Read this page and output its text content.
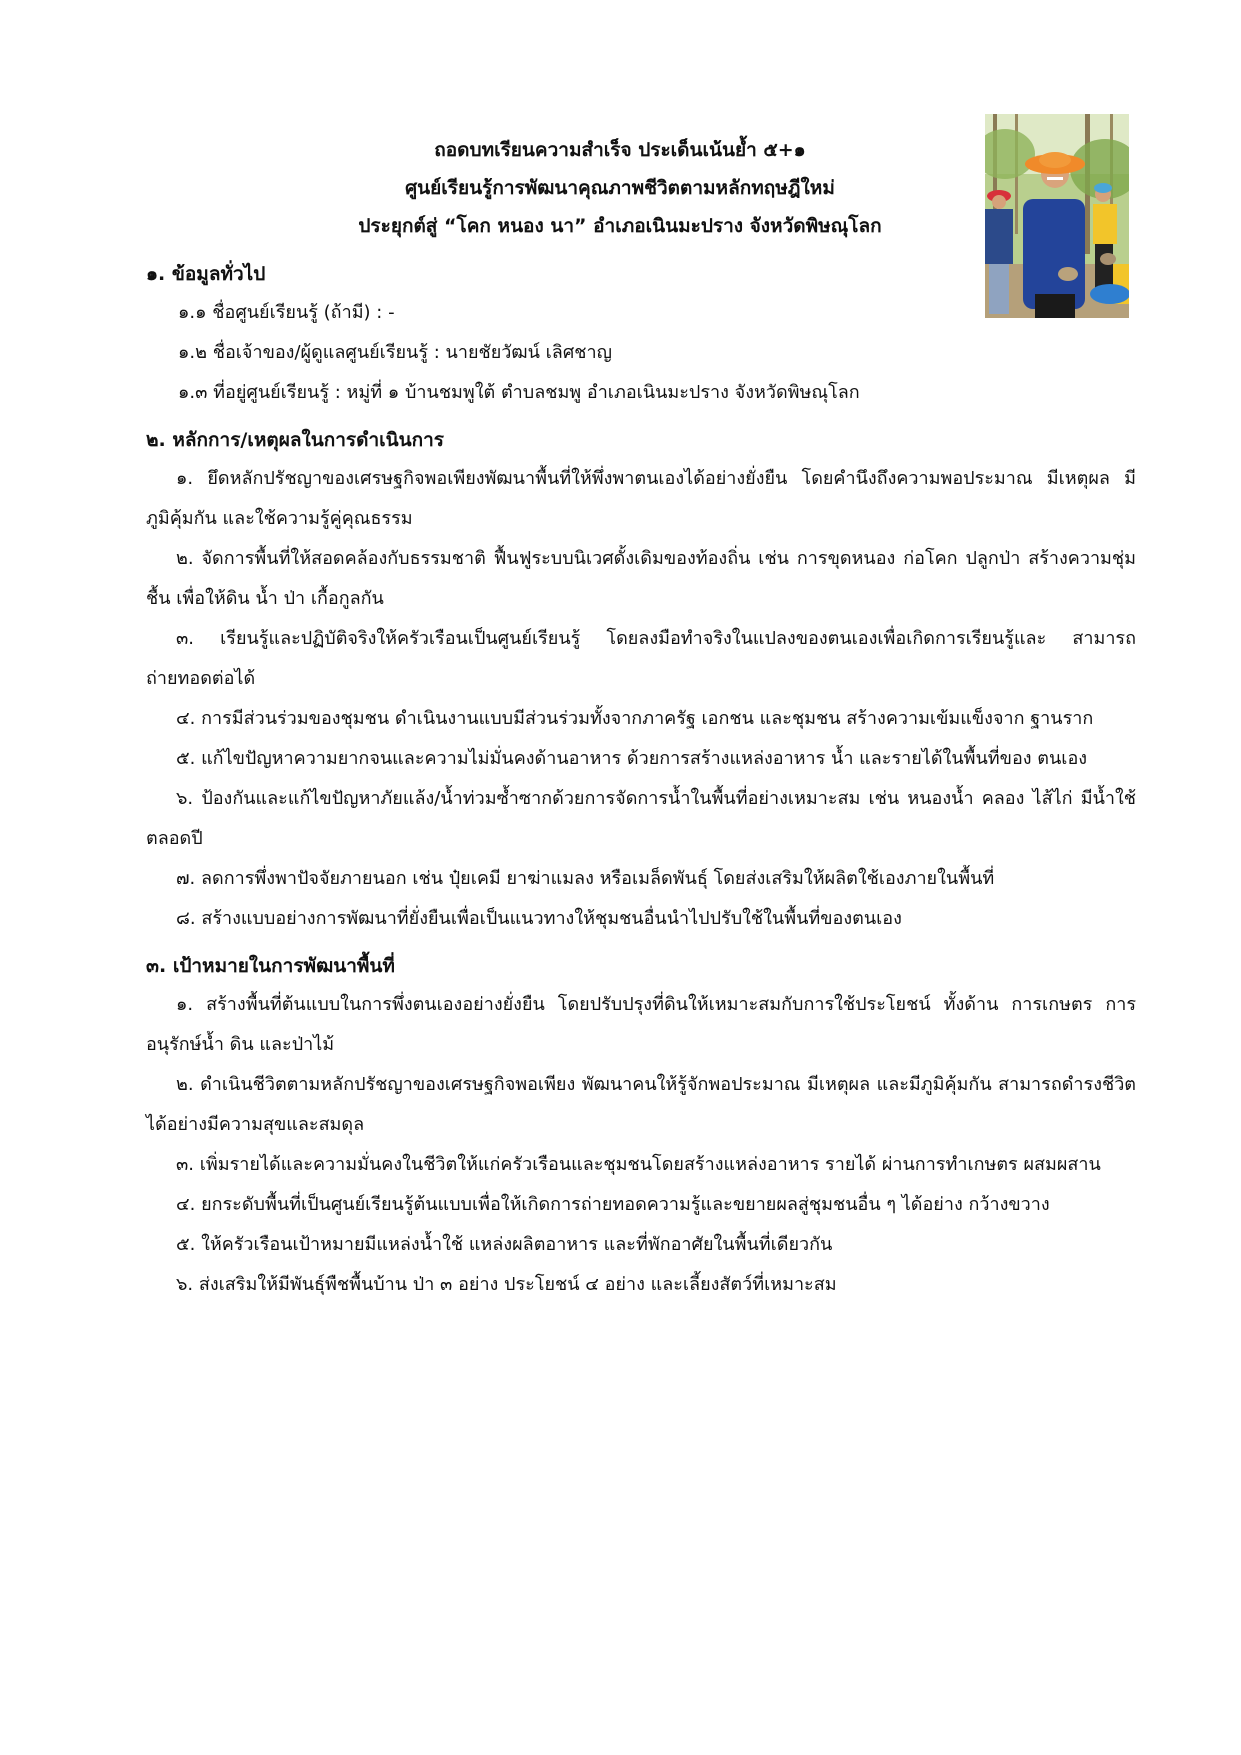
ถอดบทเรียนความสำเร็จ ประเด็นเน้นย้ำ ๕+๑
ศูนย์เรียนรู้การพัฒนาคุณภาพชีวิตตามหลักทฤษฎีใหม่
ประยุกต์สู่ “โคก หนอง นา” อำเภอเนินมะปราง จังหวัดพิษณุโลก
๑. ข้อมูลทั่วไป
๑.๑ ชื่อศูนย์เรียนรู้ (ถ้ามี) : -
๑.๒ ชื่อเจ้าของ/ผู้ดูแลศูนย์เรียนรู้ : นายชัยวัฒน์ เลิศชาญ
๑.๓ ที่อยู่ศูนย์เรียนรู้ : หมู่ที่ ๑ บ้านชมพูใต้ ตำบลชมพู อำเภอเนินมะปราง จังหวัดพิษณุโลก
๒. หลักการ/เหตุผลในการดำเนินการ
๑. ยึดหลักปรัชญาของเศรษฐกิจพอเพียงพัฒนาพื้นที่ให้พึ่งพาตนเองได้อย่างยั่งยืน โดยคำนึงถึงความพอประมาณ มีเหตุผล มีภูมิคุ้มกัน และใช้ความรู้คู่คุณธรรม
๒. จัดการพื้นที่ให้สอดคล้องกับธรรมชาติ ฟื้นฟูระบบนิเวศดั้งเดิมของท้องถิ่น เช่น การขุดหนอง ก่อโคก ปลูกป่า สร้างความชุ่มชื้น เพื่อให้ดิน น้ำ ป่า เกื้อกูลกัน
๓. เรียนรู้และปฏิบัติจริงให้ครัวเรือนเป็นศูนย์เรียนรู้ โดยลงมือทำจริงในแปลงของตนเองเพื่อเกิดการเรียนรู้และ สามารถถ่ายทอดต่อได้
๔. การมีส่วนร่วมของชุมชน ดำเนินงานแบบมีส่วนร่วมทั้งจากภาครัฐ เอกชน และชุมชน สร้างความเข้มแข็งจาก ฐานราก
๕. แก้ไขปัญหาความยากจนและความไม่มั่นคงด้านอาหาร ด้วยการสร้างแหล่งอาหาร น้ำ และรายได้ในพื้นที่ของ ตนเอง
๖. ป้องกันและแก้ไขปัญหาภัยแล้ง/น้ำท่วมซ้ำซากด้วยการจัดการน้ำในพื้นที่อย่างเหมาะสม เช่น หนองน้ำ คลอง ไส้ไก่ มีน้ำใช้ตลอดปี
๗. ลดการพึ่งพาปัจจัยภายนอก เช่น ปุ๋ยเคมี ยาฆ่าแมลง หรือเมล็ดพันธุ์ โดยส่งเสริมให้ผลิตใช้เองภายในพื้นที่
๘. สร้างแบบอย่างการพัฒนาที่ยั่งยืนเพื่อเป็นแนวทางให้ชุมชนอื่นนำไปปรับใช้ในพื้นที่ของตนเอง
๓. เป้าหมายในการพัฒนาพื้นที่
๑. สร้างพื้นที่ต้นแบบในการพึ่งตนเองอย่างยั่งยืน โดยปรับปรุงที่ดินให้เหมาะสมกับการใช้ประโยชน์ ทั้งด้าน การเกษตร การอนุรักษ์น้ำ ดิน และป่าไม้
๒. ดำเนินชีวิตตามหลักปรัชญาของเศรษฐกิจพอเพียง พัฒนาคนให้รู้จักพอประมาณ มีเหตุผล และมีภูมิคุ้มกัน สามารถดำรงชีวิตได้อย่างมีความสุขและสมดุล
๓. เพิ่มรายได้และความมั่นคงในชีวิตให้แก่ครัวเรือนและชุมชนโดยสร้างแหล่งอาหาร รายได้ ผ่านการทำเกษตร ผสมผสาน
๔. ยกระดับพื้นที่เป็นศูนย์เรียนรู้ต้นแบบเพื่อให้เกิดการถ่ายทอดความรู้และขยายผลสู่ชุมชนอื่น ๆ ได้อย่าง กว้างขวาง
๕. ให้ครัวเรือนเป้าหมายมีแหล่งน้ำใช้ แหล่งผลิตอาหาร และที่พักอาศัยในพื้นที่เดียวกัน
๖. ส่งเสริมให้มีพันธุ์พืชพื้นบ้าน ป่า ๓ อย่าง ประโยชน์ ๔ อย่าง และเลี้ยงสัตว์ที่เหมาะสม
